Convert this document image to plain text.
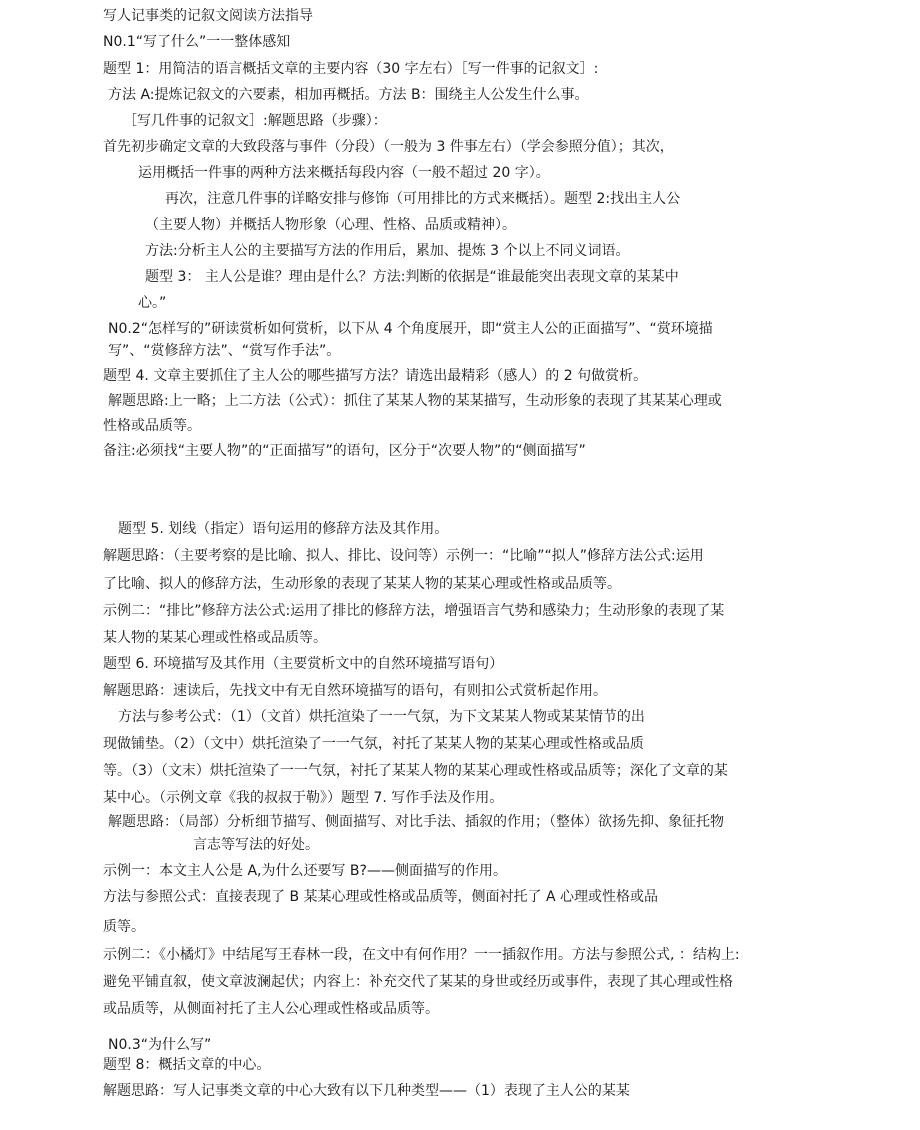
写人记事类的记叙文阅读方法指导
N0.1“写了什么”一一整体感知
题型 1：用简洁的语言概括文章的主要内容（30 字左右）［写一件事的记叙文］:
方法 A:提炼记叙文的六要素，相加再概括。方法 B：围绕主人公发生什么事。
［写几件事的记叙文］:解题思路（步骤）：
首先初步确定文章的大致段落与事件（分段）（一般为 3 件事左右）（学会参照分值）；其次，
运用概括一件事的两种方法来概括每段内容（一般不超过 20 字）。
再次，注意几件事的详略安排与修饰（可用排比的方式来概括）。题型 2:找出主人公
（主要人物）并概括人物形象（心理、性格、品质或精神）。
方法:分析主人公的主要描写方法的作用后，累加、提炼 3 个以上不同义词语。
题型 3： 主人公是谁？理由是什么？方法:判断的依据是“谁最能突出表现文章的某某中
心。”
N0.2“怎样写的”研读赏析如何赏析，以下从 4 个角度展开，即“赏主人公的正面描写”、“赏环境描
写”、“赏修辞方法”、“赏写作手法”。
题型 4. 文章主要抓住了主人公的哪些描写方法？请选出最精彩（感人）的 2 句做赏析。
解题思路:上一略；上二方法（公式）：抓住了某某人物的某某描写，生动形象的表现了其某某心理或
性格或品质等。
备注:必须找“主要人物”的“正面描写”的语句，区分于“次要人物”的“侧面描写”
题型 5. 划线（指定）语句运用的修辞方法及其作用。
解题思路：（主要考察的是比喻、拟人、排比、设问等）示例一：“比喻”“拟人”修辞方法公式:运用
了比喻、拟人的修辞方法，生动形象的表现了某某人物的某某心理或性格或品质等。
示例二：“排比”修辞方法公式:运用了排比的修辞方法，增强语言气势和感染力；生动形象的表现了某
某人物的某某心理或性格或品质等。
题型 6. 环境描写及其作用（主要赏析文中的自然环境描写语句）
解题思路：速读后，先找文中有无自然环境描写的语句，有则扣公式赏析起作用。
方法与参考公式：（1）（文首）烘托渲染了一一气氛，为下文某某人物或某某情节的出
现做铺垫。（2）（文中）烘托渲染了一一气氛，衬托了某某人物的某某心理或性格或品质
等。（3）（文末）烘托渲染了一一气氛，衬托了某某人物的某某心理或性格或品质等；深化了文章的某
某中心。（示例文章《我的叔叔于勒》）题型 7. 写作手法及作用。
解题思路：（局部）分析细节描写、侧面描写、对比手法、插叙的作用；（整体）欲扬先抑、象征托物
言志等写法的好处。
示例一：本文主人公是 A,为什么还要写 B?——侧面描写的作用。
方法与参照公式：直接表现了 B 某某心理或性格或品质等，侧面衬托了 A 心理或性格或品
质等。
示例二：《小橘灯》中结尾写王春林一段，在文中有何作用？一一插叙作用。方法与参照公式, ：结构上:
避免平铺直叙，使文章波澜起伏；内容上：补充交代了某某的身世或经历或事件，表现了其心理或性格
或品质等，从侧面衬托了主人公心理或性格或品质等。
N0.3“为什么写”
题型 8：概括文章的中心。
解题思路：写人记事类文章的中心大致有以下几种类型——（1）表现了主人公的某某
